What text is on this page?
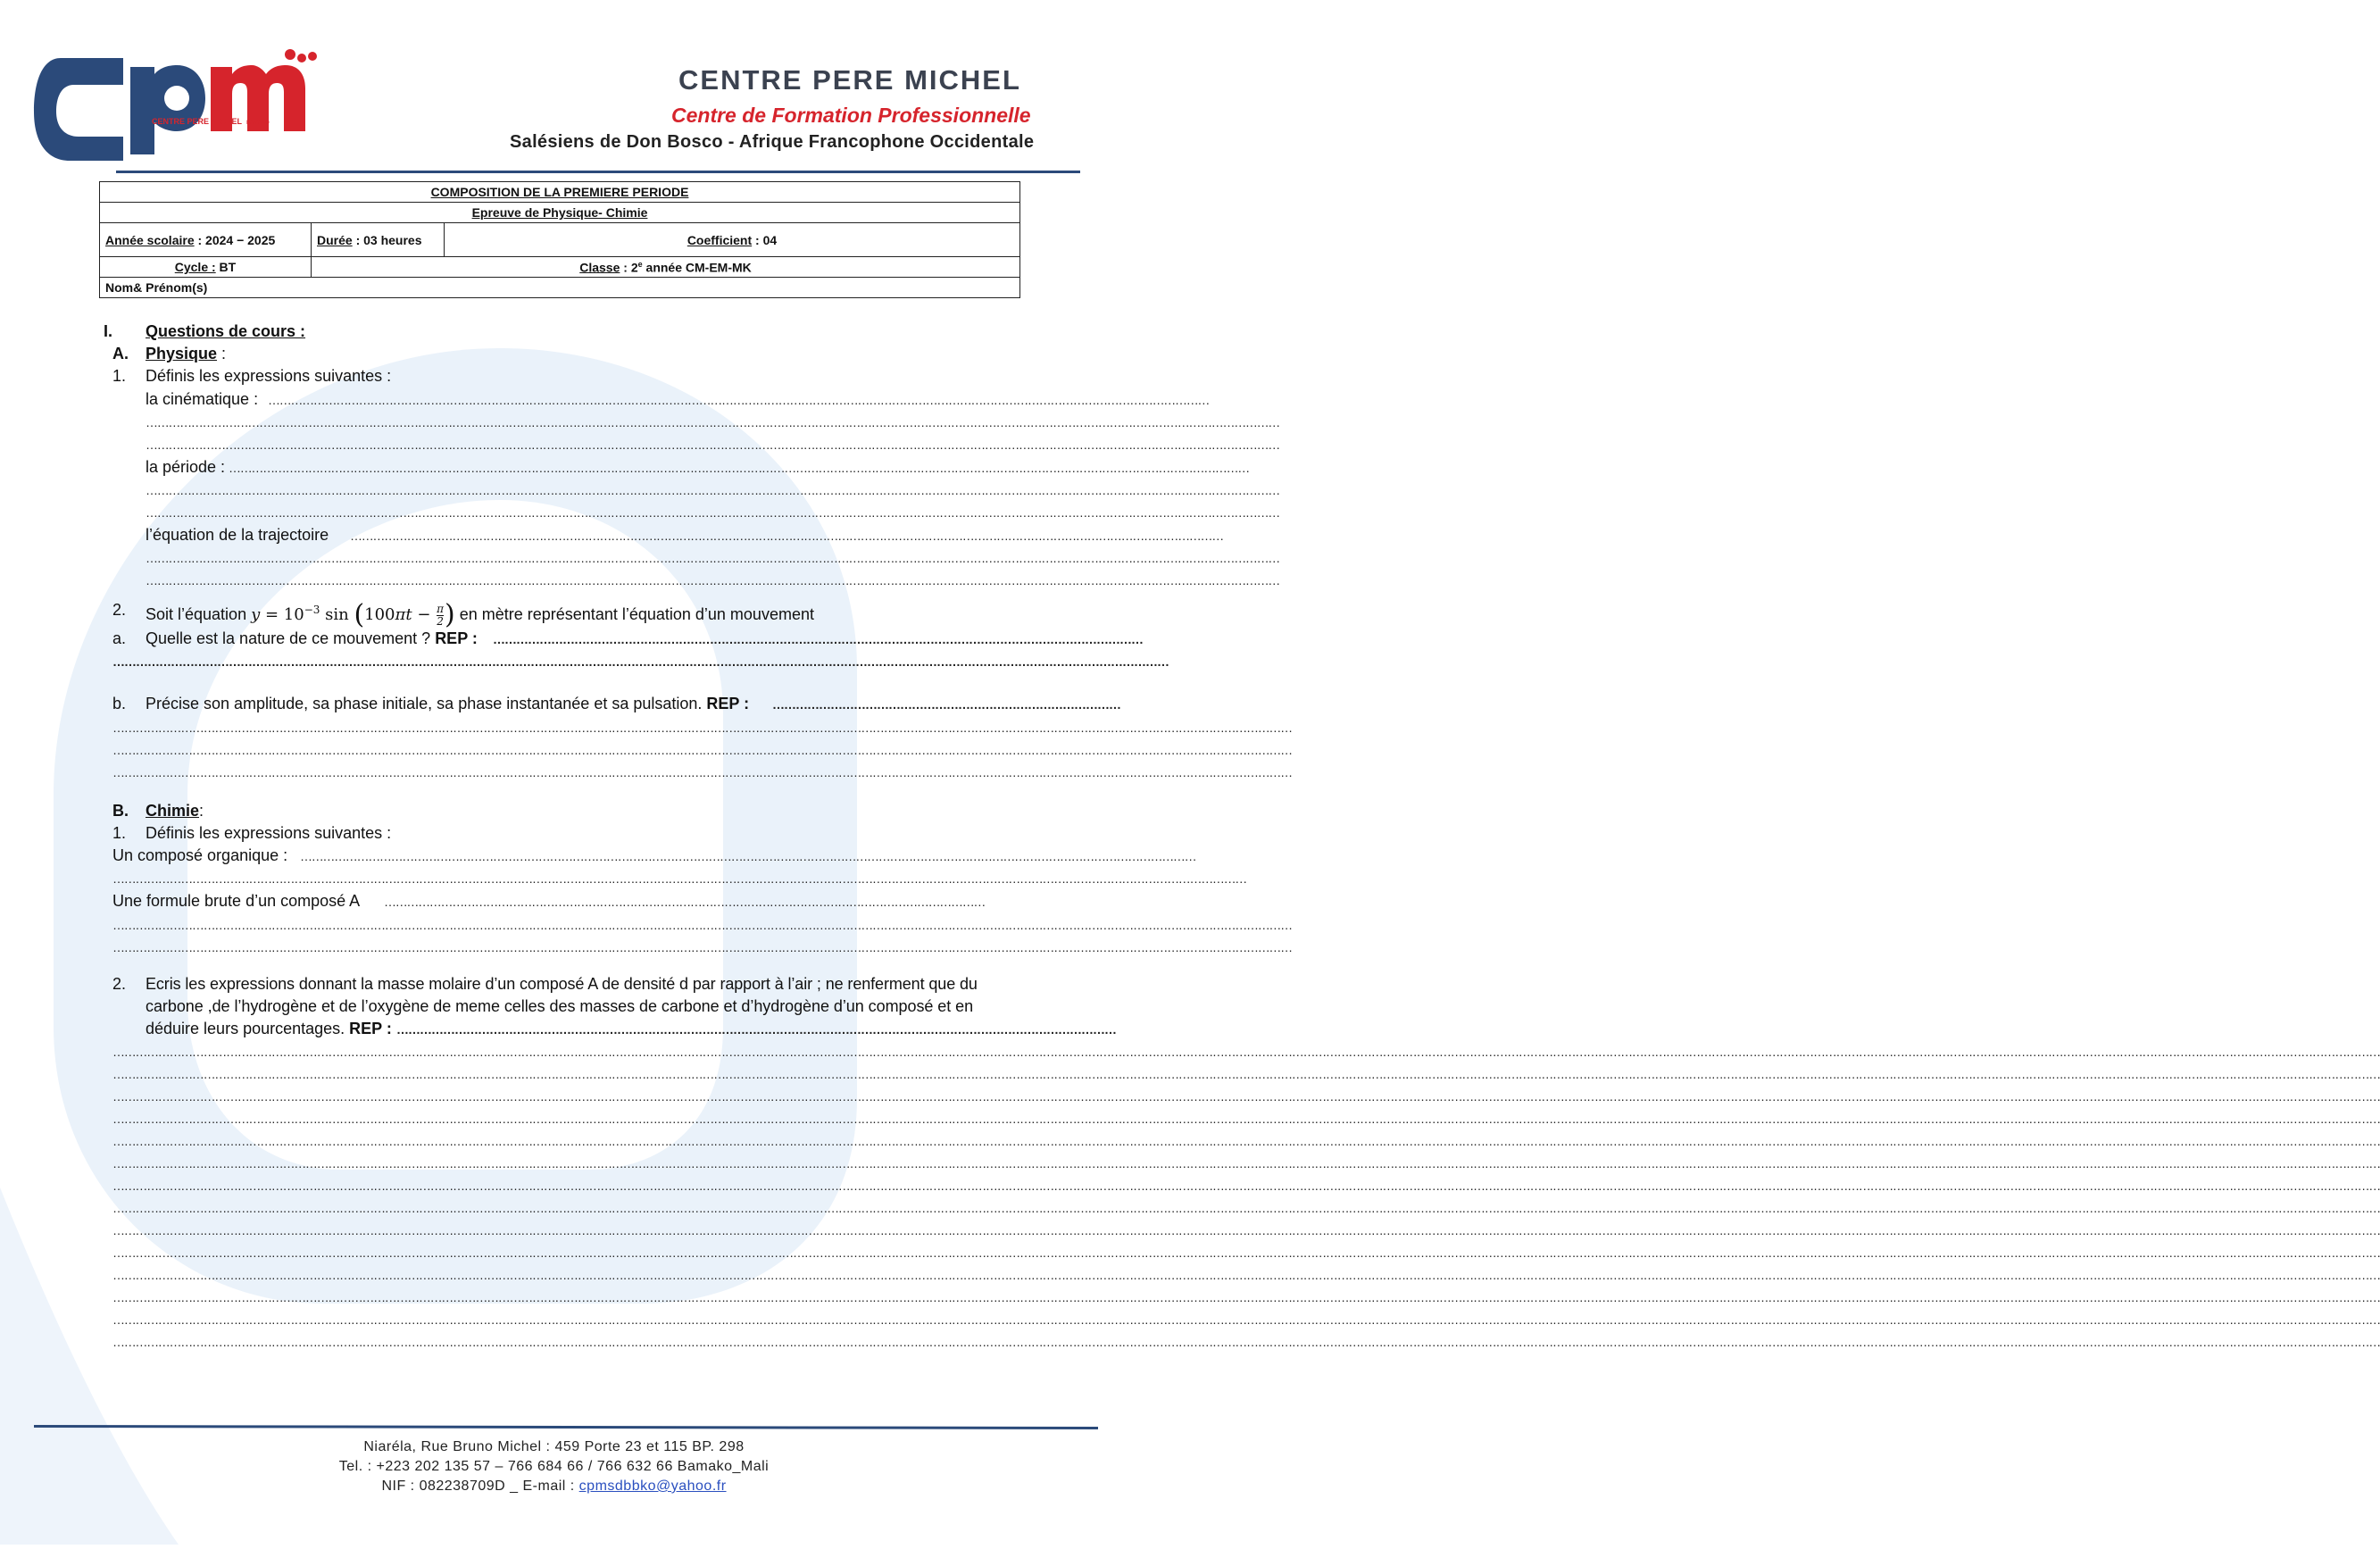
CENTRE PERE MICHEL BAMAKO
CENTRE PERE MICHEL
Centre de Formation Professionnelle
Salésiens de Don Bosco - Afrique Francophone Occidentale
COMPOSITION DE LA PREMIERE PERIODE		
Epreuve de Physique- Chimie		
Année scolaire : 2024 − 2025	Durée : 03 heures	Coefficient : 04
Cycle : BT	Classe : 2e année CM-EM-MK	
Nom& Prénom(s)		
I. Questions de cours :
A. Physique :
1. Définis les expressions suivantes :
la cinématique : ……………………………………………………………………………………………………………………………………………………………………………………………………………………………
…………………………………………………………………………………………………………………………………………………………………………………………………………………………………………………………………………
…………………………………………………………………………………………………………………………………………………………………………………………………………………………………………………………………………
la période : ………………………………………………………………………………………………………………………………………………………………………………………………………………………………………………
…………………………………………………………………………………………………………………………………………………………………………………………………………………………………………………………………………
…………………………………………………………………………………………………………………………………………………………………………………………………………………………………………………………………………
l’équation de la trajectoire ……………………………………………………………………………………………………………………………………………………………………………………………………………
…………………………………………………………………………………………………………………………………………………………………………………………………………………………………………………………………………
…………………………………………………………………………………………………………………………………………………………………………………………………………………………………………………………………………
2. Soit l’équation $y = 10^{-3}$ $\sin (100\pi t - \frac{\pi}{2}$ ) en mètre représentant l’équation d’un mouvement
a. Quelle est la nature de ce mouvement ? REP : ……………………………………………………………………………………………………………………………………………………
…………………………………………………………………………………………………………………………………………………………………………………………………………………………………………………
b. Précise son amplitude, sa phase initiale, sa phase instantanée et sa pulsation. REP : ………………………………………………………………………………
……………………………………………………………………………………………………………………………………………………………………………………………………………………………………………………………………………………
……………………………………………………………………………………………………………………………………………………………………………………………………………………………………………………………………………………
……………………………………………………………………………………………………………………………………………………………………………………………………………………………………………………………………………………
B. Chimie:
1. Définis les expressions suivantes :
Un composé organique : …………………………………………………………………………………………………………………………………………………………………………………………………………………
…………………………………………………………………………………………………………………………………………………………………………………………………………………………………………………………………………
Une formule brute d’un composé A ……………………………………………………………………………………………………………………………………………
……………………………………………………………………………………………………………………………………………………………………………………………………………………………………………………………………………………
……………………………………………………………………………………………………………………………………………………………………………………………………………………………………………………………………………………
2. Ecris les expressions donnant la masse molaire d’un composé A de densité d par rapport à l’air ; ne renferment que du
carbone ,de l’hydrogène et de l’oxygène de meme celles des masses de carbone et d’hydrogène d’un composé et en
déduire leurs pourcentages. REP : ……………………………………………………………………………………………………………………………………………………………………
……………………………………………………………………………………………………………………………………………………………………………………………………………………………………………………………………………………………………………………………………………………………………………………………………………………………………………………………………………………………………………………………………………………
……………………………………………………………………………………………………………………………………………………………………………………………………………………………………………………………………………………………………………………………………………………………………………………………………………………………………………………………………………………………………………………………………………………
……………………………………………………………………………………………………………………………………………………………………………………………………………………………………………………………………………………………………………………………………………………………………………………………………………………………………………………………………………………………………………………………………………………
……………………………………………………………………………………………………………………………………………………………………………………………………………………………………………………………………………………………………………………………………………………………………………………………………………………………………………………………………………………………………………………………………………………
……………………………………………………………………………………………………………………………………………………………………………………………………………………………………………………………………………………………………………………………………………………………………………………………………………………………………………………………………………………………………………………………………………………
……………………………………………………………………………………………………………………………………………………………………………………………………………………………………………………………………………………………………………………………………………………………………………………………………………………………………………………………………………………………………………………………………………………
……………………………………………………………………………………………………………………………………………………………………………………………………………………………………………………………………………………………………………………………………………………………………………………………………………………………………………………………………………………………………………………………………………………
……………………………………………………………………………………………………………………………………………………………………………………………………………………………………………………………………………………………………………………………………………………………………………………………………………………………………………………………………………………………………………………………………………………
……………………………………………………………………………………………………………………………………………………………………………………………………………………………………………………………………………………………………………………………………………………………………………………………………………………………………………………………………………………………………………………………………………………
……………………………………………………………………………………………………………………………………………………………………………………………………………………………………………………………………………………………………………………………………………………………………………………………………………………………………………………………………………………………………………………………………………………
……………………………………………………………………………………………………………………………………………………………………………………………………………………………………………………………………………………………………………………………………………………………………………………………………………………………………………………………………………………………………………………………………………………
……………………………………………………………………………………………………………………………………………………………………………………………………………………………………………………………………………………………………………………………………………………………………………………………………………………………………………………………………………………………………………………………………………………
……………………………………………………………………………………………………………………………………………………………………………………………………………………………………………………………………………………………………………………………………………………………………………………………………………………………………………………………………………………………………………………………………………………
……………………………………………………………………………………………………………………………………………………………………………………………………………………………………………………………………………………………………………………………………………………………………………………………………………………………………………………………………………………………………………………………………………………
Niaréla, Rue Bruno Michel : 459 Porte 23 et 115 BP. 298
Tel. : +223 202 135 57 – 766 684 66 / 766 632 66 Bamako_Mali
NIF : 082238709D _ E-mail : cpmsdbbko@yahoo.fr
